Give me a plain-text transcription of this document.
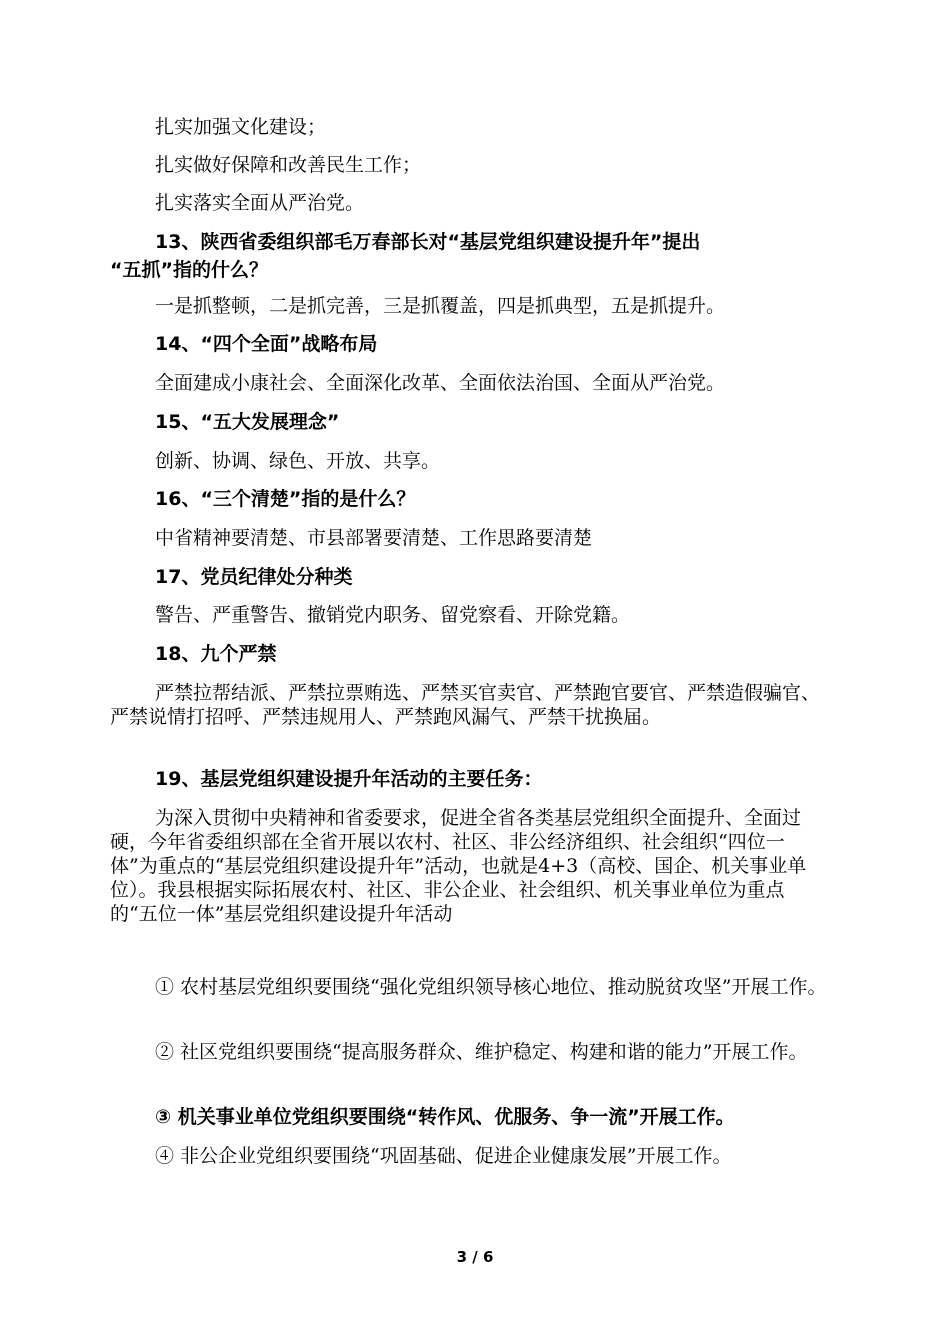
扎实加强文化建设；
扎实做好保障和改善民生工作；
扎实落实全面从严治党。
13、陕西省委组织部毛万春部长对“基层党组织建设提升年”提出
“五抓”指的什么？
一是抓整顿，二是抓完善，三是抓覆盖，四是抓典型，五是抓提升。
14、“四个全面”战略布局
全面建成小康社会、全面深化改革、全面依法治国、全面从严治党。
15、“五大发展理念”
创新、协调、绿色、开放、共享。
16、“三个清楚”指的是什么？
中省精神要清楚、市县部署要清楚、工作思路要清楚
17、党员纪律处分种类
警告、严重警告、撤销党内职务、留党察看、开除党籍。
18、九个严禁
严禁拉帮结派、严禁拉票贿选、严禁买官卖官、严禁跑官要官、严禁造假骗官、严禁说情打招呼、严禁违规用人、严禁跑风漏气、严禁干扰换届。
19、基层党组织建设提升年活动的主要任务：
为深入贯彻中央精神和省委要求，促进全省各类基层党组织全面提升、全面过硬，今年省委组织部在全省开展以农村、社区、非公经济组织、社会组织“四位一体”为重点的“基层党组织建设提升年”活动，也就是4+3（高校、国企、机关事业单位）。我县根据实际拓展农村、社区、非公企业、社会组织、机关事业单位为重点的“五位一体”基层党组织建设提升年活动
① 农村基层党组织要围绕“强化党组织领导核心地位、推动脱贫攻坚”开展工作。
② 社区党组织要围绕“提高服务群众、维护稳定、构建和谐的能力”开展工作。
③ 机关事业单位党组织要围绕“转作风、优服务、争一流”开展工作。
④ 非公企业党组织要围绕“巩固基础、促进企业健康发展”开展工作。
3 / 6
